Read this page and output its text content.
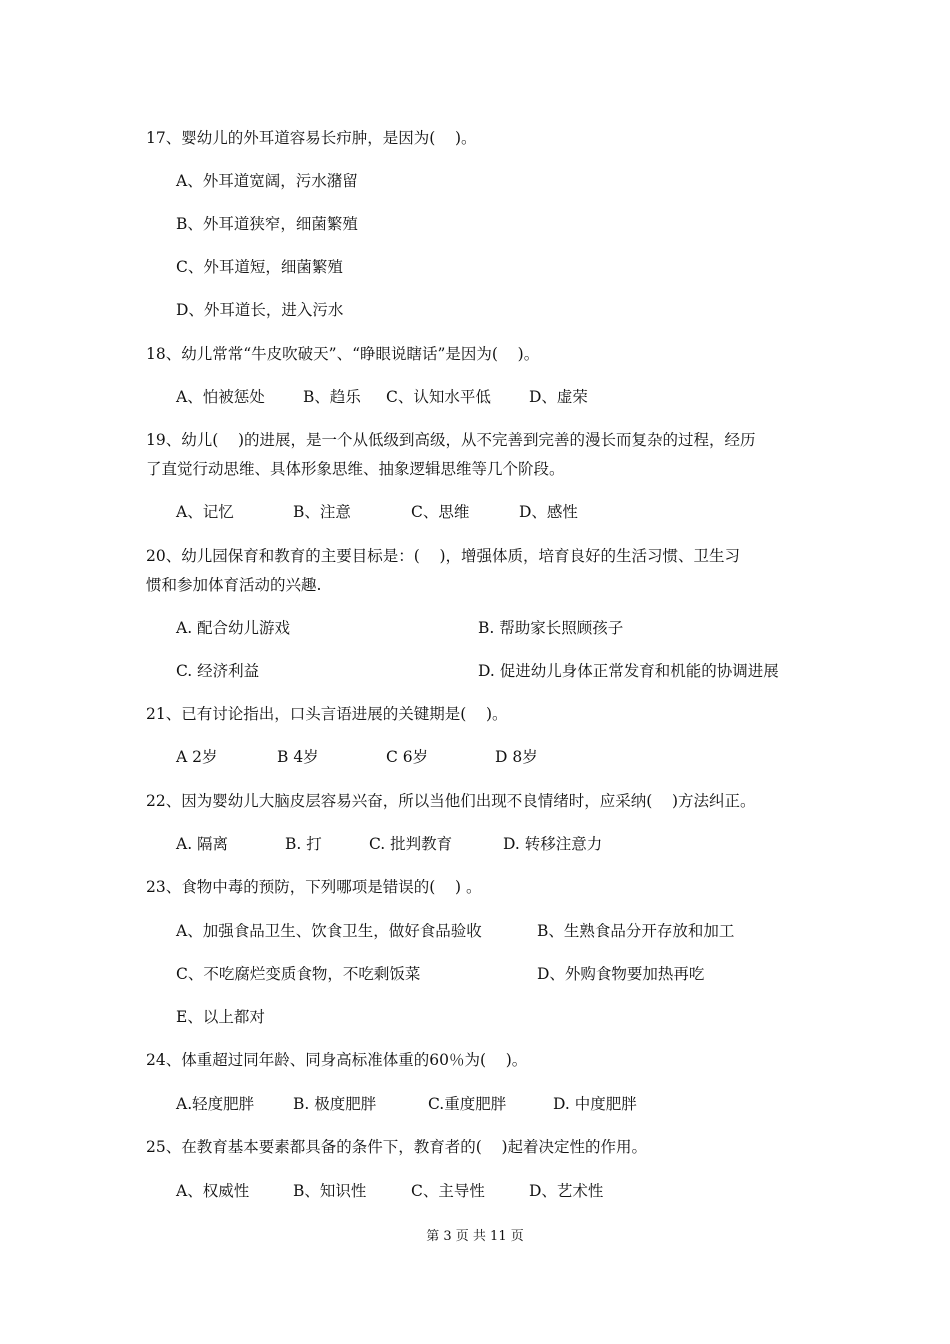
17、婴幼儿的外耳道容易长疖肿，是因为(    )。
A、外耳道宽阔，污水潴留
B、外耳道狭窄，细菌繁殖
C、外耳道短，细菌繁殖
D、外耳道长，进入污水
18、幼儿常常“牛皮吹破天”、“睁眼说瞎话”是因为(    )。
A、怕被惩处 B、趋乐 C、认知水平低 D、虚荣
19、幼儿(    )的进展，是一个从低级到高级，从不完善到完善的漫长而复杂的过程，经历
了直觉行动思维、具体形象思维、抽象逻辑思维等几个阶段。
A、记忆	B、注意	C、思维	D、感性
20、幼儿园保育和教育的主要目标是：(    )，增强体质，培育良好的生活习惯、卫生习
惯和参加体育活动的兴趣.
A. 配合幼儿游戏	B. 帮助家长照顾孩子
C. 经济利益	D. 促进幼儿身体正常发育和机能的协调进展
21、已有讨论指出，口头言语进展的关键期是(    )。
A 2岁	B 4岁	C 6岁	D 8岁
22、因为婴幼儿大脑皮层容易兴奋，所以当他们出现不良情绪时，应采纳(    )方法纠正。
A. 隔离	B. 打	C. 批判教育	D. 转移注意力
23、食物中毒的预防，下列哪项是错误的(    ) 。
A、加强食品卫生、饮食卫生，做好食品验收	B、生熟食品分开存放和加工
C、不吃腐烂变质食物，不吃剩饭菜	D、外购食物要加热再吃
E、以上都对
24、体重超过同年龄、同身高标准体重的60％为(    )。
A.轻度肥胖	B. 极度肥胖	C.重度肥胖	D. 中度肥胖
25、在教育基本要素都具备的条件下，教育者的(    )起着决定性的作用。
A、权威性	B、知识性	C、主导性	D、艺术性
第 3 页 共 11 页
